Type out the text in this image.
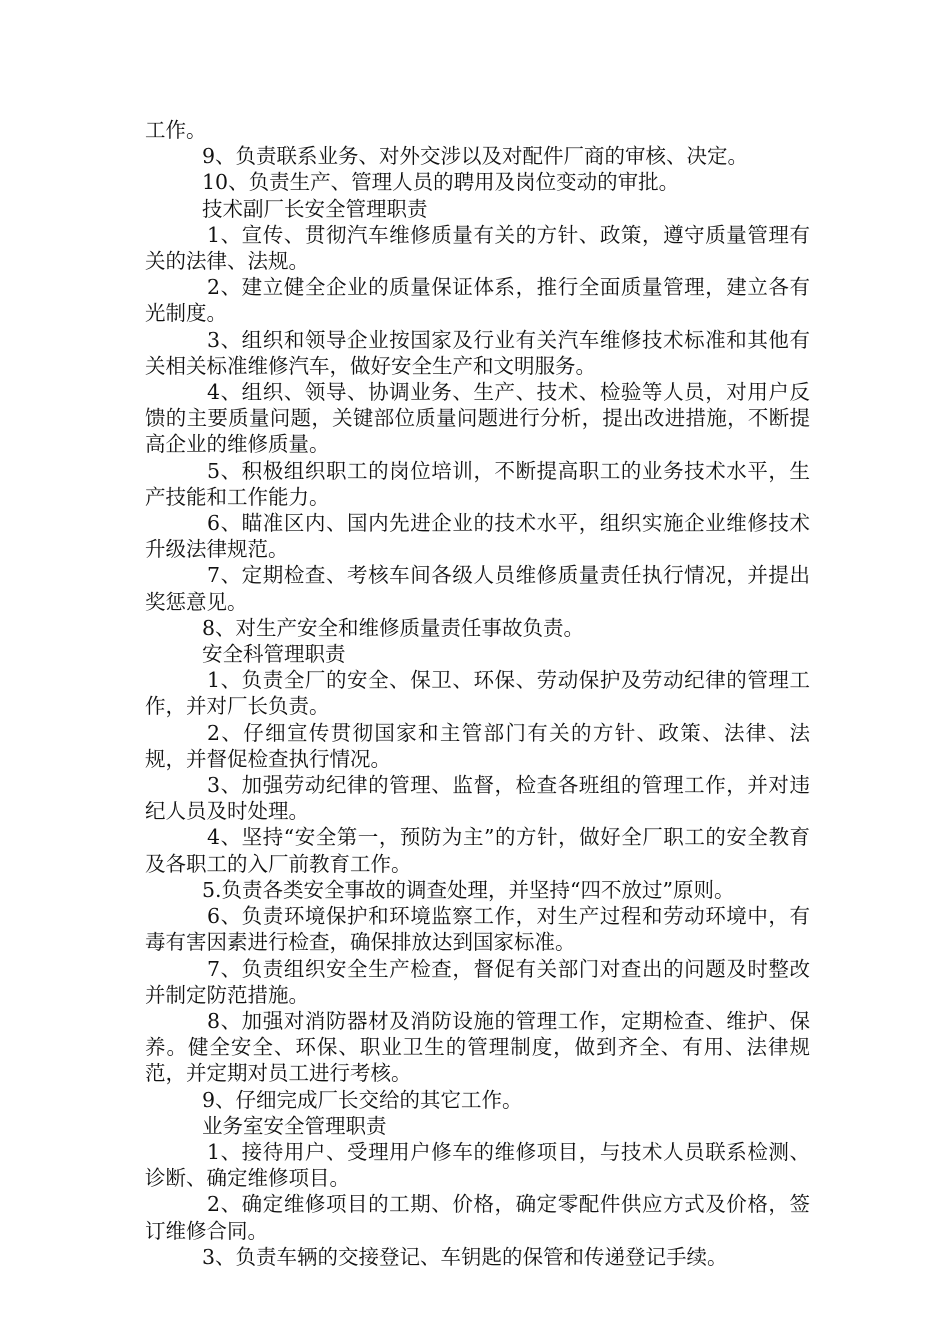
工作。

9、负责联系业务、对外交涉以及对配件厂商的审核、决定。

10、负责生产、管理人员的聘用及岗位变动的审批。

技术副厂长安全管理职责

1、宣传、贯彻汽车维修质量有关的方针、政策，遵守质量管理有关的法律、法规。

2、建立健全企业的质量保证体系，推行全面质量管理，建立各有光制度。

3、组织和领导企业按国家及行业有关汽车维修技术标准和其他有关相关标准维修汽车，做好安全生产和文明服务。

4、组织、领导、协调业务、生产、技术、检验等人员，对用户反馈的主要质量问题，关键部位质量问题进行分析，提出改进措施，不断提高企业的维修质量。

5、积极组织职工的岗位培训，不断提高职工的业务技术水平，生产技能和工作能力。

6、瞄准区内、国内先进企业的技术水平，组织实施企业维修技术升级法律规范。

7、定期检查、考核车间各级人员维修质量责任执行情况，并提出奖惩意见。

8、对生产安全和维修质量责任事故负责。

安全科管理职责

1、负责全厂的安全、保卫、环保、劳动保护及劳动纪律的管理工作，并对厂长负责。

2、仔细宣传贯彻国家和主管部门有关的方针、政策、法律、法规，并督促检查执行情况。

3、加强劳动纪律的管理、监督，检查各班组的管理工作，并对违纪人员及时处理。

4、坚持“安全第一，预防为主”的方针，做好全厂职工的安全教育及各职工的入厂前教育工作。

5.负责各类安全事故的调查处理，并坚持“四不放过”原则。

6、负责环境保护和环境监察工作，对生产过程和劳动环境中，有毒有害因素进行检查，确保排放达到国家标准。

7、负责组织安全生产检查，督促有关部门对查出的问题及时整改并制定防范措施。

8、加强对消防器材及消防设施的管理工作，定期检查、维护、保养。健全安全、环保、职业卫生的管理制度，做到齐全、有用、法律规范，并定期对员工进行考核。

9、仔细完成厂长交给的其它工作。

业务室安全管理职责

1、接待用户、受理用户修车的维修项目，与技术人员联系检测、诊断、确定维修项目。

2、确定维修项目的工期、价格，确定零配件供应方式及价格，签订维修合同。

3、负责车辆的交接登记、车钥匙的保管和传递登记手续。
